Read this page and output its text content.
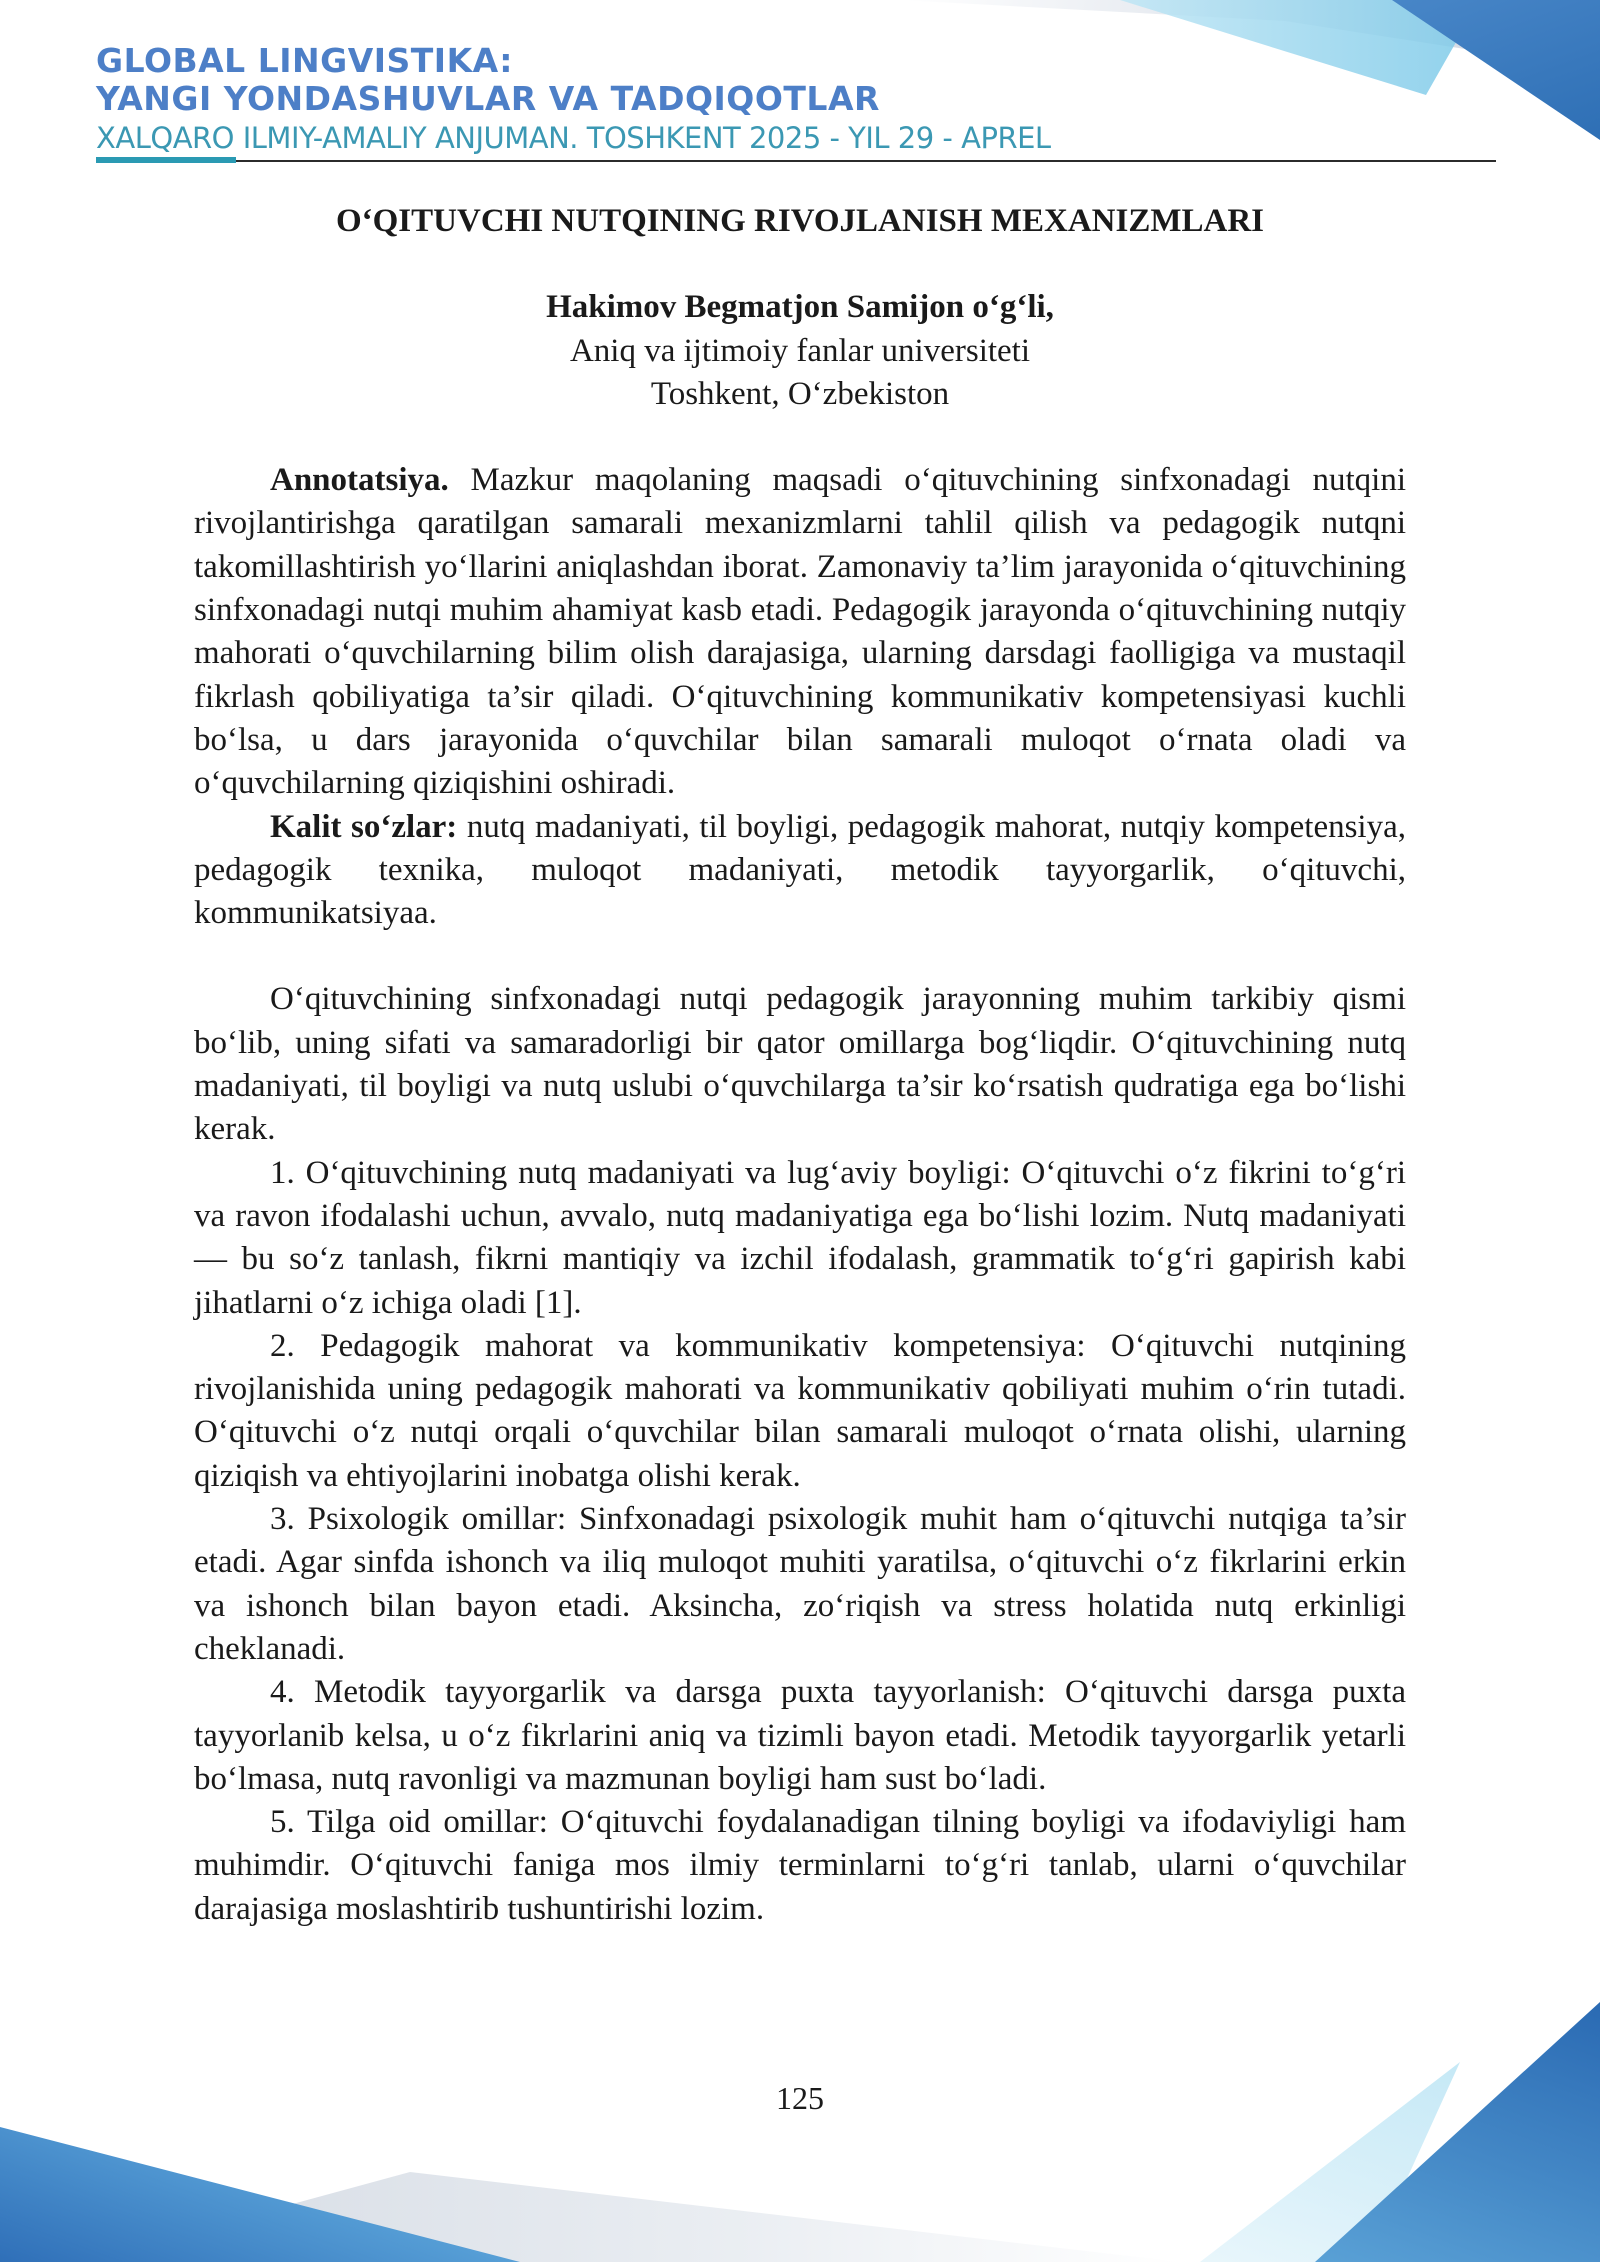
GLOBAL LINGVISTIKA:
YANGI YONDASHUVLAR VA TADQIQOTLAR
XALQARO ILMIY-AMALIY ANJUMAN. TOSHKENT 2025 - YIL 29 - APREL
O‘QITUVCHI NUTQINING RIVOJLANISH MEXANIZMLARI
Hakimov Begmatjon Samijon o‘g‘li,
Aniq va ijtimoiy fanlar universiteti
Toshkent, O‘zbekiston

Annotatsiya. Mazkur maqolaning maqsadi o‘qituvchining sinfxonadagi nutqini rivojlantirishga qaratilgan samarali mexanizmlarni tahlil qilish va pedagogik nutqni takomillashtirish yo‘llarini aniqlashdan iborat. Zamonaviy ta’lim jarayonida o‘qituvchining sinfxonadagi nutqi muhim ahamiyat kasb etadi. Pedagogik jarayonda o‘qituvchining nutqiy mahorati o‘quvchilarning bilim olish darajasiga, ularning darsdagi faolligiga va mustaqil fikrlash qobiliyatiga ta’sir qiladi. O‘qituvchining kommunikativ kompetensiyasi kuchli bo‘lsa, u dars jarayonida o‘quvchilar bilan samarali muloqot o‘rnata oladi va o‘quvchilarning qiziqishini oshiradi.

Kalit so‘zlar: nutq madaniyati, til boyligi, pedagogik mahorat, nutqiy kompetensiya, pedagogik texnika, muloqot madaniyati, metodik tayyorgarlik, o‘qituvchi, kommunikatsiyaa.

O‘qituvchining sinfxonadagi nutqi pedagogik jarayonning muhim tarkibiy qismi bo‘lib, uning sifati va samaradorligi bir qator omillarga bog‘liqdir. O‘qituvchining nutq madaniyati, til boyligi va nutq uslubi o‘quvchilarga ta’sir ko‘rsatish qudratiga ega bo‘lishi kerak.

1. O‘qituvchining nutq madaniyati va lug‘aviy boyligi: O‘qituvchi o‘z fikrini to‘g‘ri va ravon ifodalashi uchun, avvalo, nutq madaniyatiga ega bo‘lishi lozim. Nutq madaniyati — bu so‘z tanlash, fikrni mantiqiy va izchil ifodalash, grammatik to‘g‘ri gapirish kabi jihatlarni o‘z ichiga oladi [1].

2. Pedagogik mahorat va kommunikativ kompetensiya: O‘qituvchi nutqining rivojlanishida uning pedagogik mahorati va kommunikativ qobiliyati muhim o‘rin tutadi. O‘qituvchi o‘z nutqi orqali o‘quvchilar bilan samarali muloqot o‘rnata olishi, ularning qiziqish va ehtiyojlarini inobatga olishi kerak.

3. Psixologik omillar: Sinfxonadagi psixologik muhit ham o‘qituvchi nutqiga ta’sir etadi. Agar sinfda ishonch va iliq muloqot muhiti yaratilsa, o‘qituvchi o‘z fikrlarini erkin va ishonch bilan bayon etadi. Aksincha, zo‘riqish va stress holatida nutq erkinligi cheklanadi.

4. Metodik tayyorgarlik va darsga puxta tayyorlanish: O‘qituvchi darsga puxta tayyorlanib kelsa, u o‘z fikrlarini aniq va tizimli bayon etadi. Metodik tayyorgarlik yetarli bo‘lmasa, nutq ravonligi va mazmunan boyligi ham sust bo‘ladi.

5. Tilga oid omillar: O‘qituvchi foydalanadigan tilning boyligi va ifodaviyligi ham muhimdir. O‘qituvchi faniga mos ilmiy terminlarni to‘g‘ri tanlab, ularni o‘quvchilar darajasiga moslashtirib tushuntirishi lozim.

125
